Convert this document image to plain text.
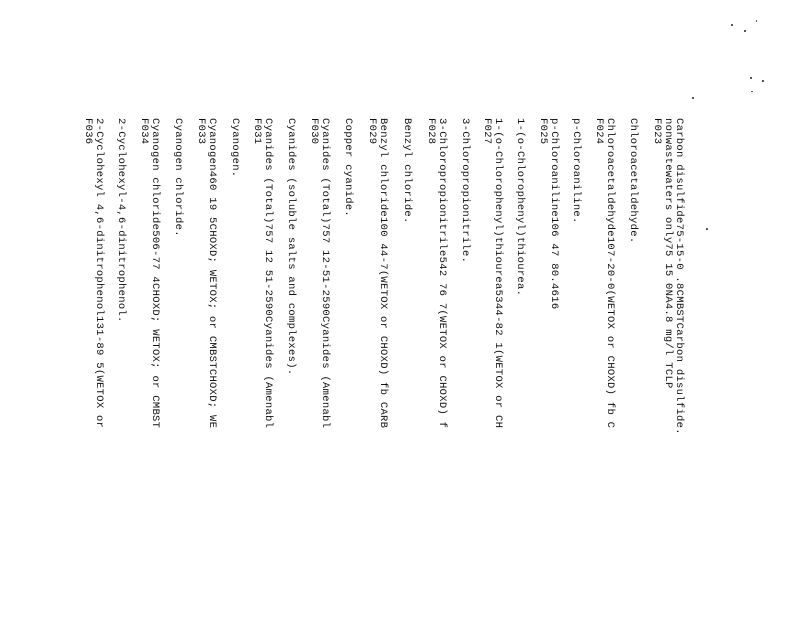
Carbon disulfide75-15-0 .8CMBSTCarbon disulfide.
nonwastewaters only75 15 0NA4.8 mg/l TCLP
F023
Chloroacetaldehyde.
Chloroacetaldehyde107-20-0(WETOX or CHOXD) fb C
F024
p-Chloroaniline.
p-Chloroaniline106 47 80.4616
F025
1-(o-Chlorophenyl)thiourea.
1-(o-Chlorophenyl)thiourea5344-82 1(WETOX or CH
F027
3-Chloropropionitrile.
3-Chloropropionitrile542 76 7(WETOX or CHOXD) f
F028
Benzyl chloride.
Benzyl chloride100 44-7(WETOX or CHOXD) fb CARB
F029
Copper cyanide.
Cyanides (Total)757 12-51-2590Cyanides (Amenabl
F030
Cyanides (soluble salts and complexes).
Cyanides (Total)757 12 51-2590Cyanides (Amenabl
F031
Cyanogen.
Cyanogen460 19 5CHOXD; WETOX; or CMBSTCHOXD; WE
F033
Cyanogen chloride.
Cyanogen chloride506-77 4CHOXD; WETOX; or CMBST
F034
2-Cyclohexyl-4,6-dinitrophenol.
2-Cyclohexyl 4,6-dinitrophenol131-89 5(WETOX or
F036
